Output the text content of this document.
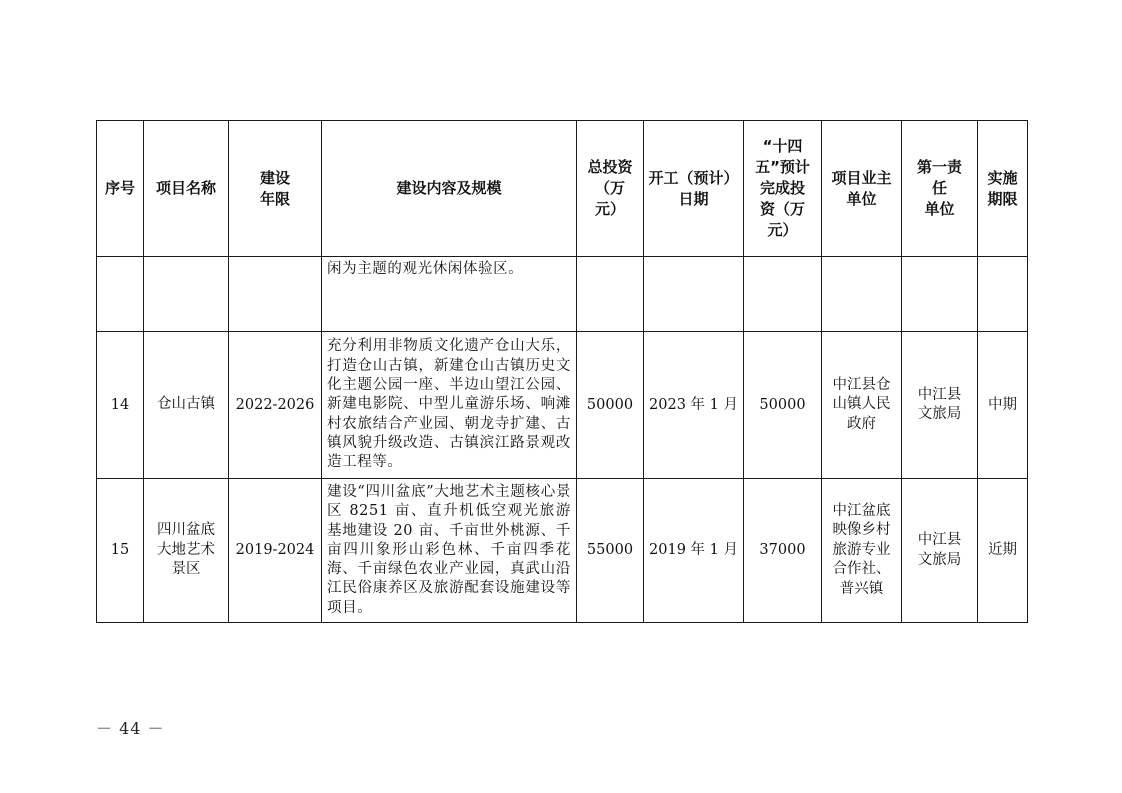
序号	项目名称	建设
年限	建设内容及规模	总投资
（万
元）	开工（预计）
日期	“十四
五”预计
完成投
资（万
元）	项目业主
单位	第一责
任
单位	实施
期限
			闲为主题的观光休闲体验区。						
14	仓山古镇	2022-2026	充分利用非物质文化遗产仓山大乐，打造仓山古镇，新建仓山古镇历史文化主题公园一座、半边山望江公园、新建电影院、中型儿童游乐场、响滩村农旅结合产业园、朝龙寺扩建、古镇风貌升级改造、古镇滨江路景观改造工程等。	50000	2023 年 1 月	50000	中江县仓
山镇人民
政府	中江县
文旅局	中期
15	四川盆底
大地艺术
景区	2019-2024	建设“四川盆底”大地艺术主题核心景区 8251 亩、直升机低空观光旅游基地建设 20 亩、千亩世外桃源、千亩四川象形山彩色林、千亩四季花海、千亩绿色农业产业园，真武山沿江民俗康养区及旅游配套设施建设等项目。	55000	2019 年 1 月	37000	中江盆底
映像乡村
旅游专业
合作社、
普兴镇	中江县
文旅局	近期
－ 44 －
